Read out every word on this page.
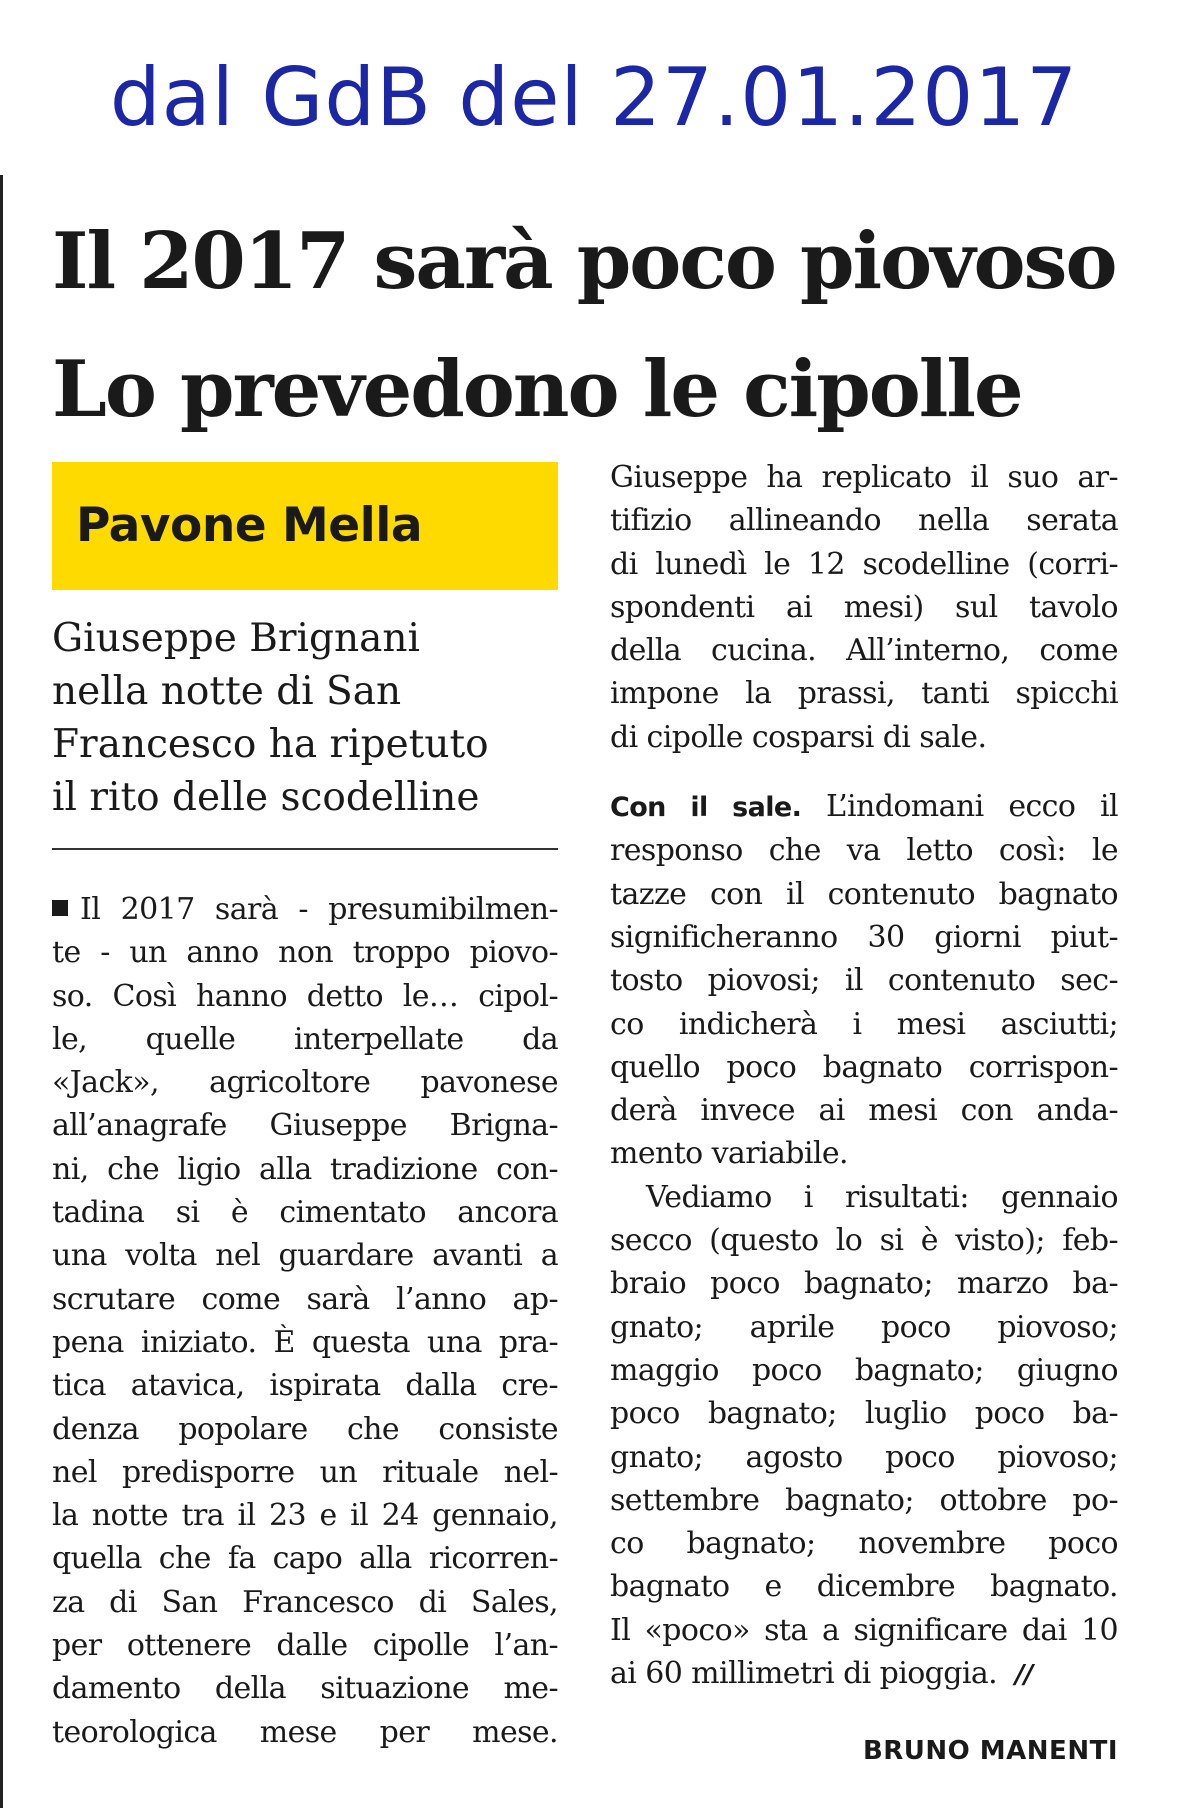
dal GdB del 27.01.2017
Il 2017 sarà poco piovoso
Lo prevedono le cipolle
Pavone Mella
Giuseppe Brignani
nella notte di San
Francesco ha ripetuto
il rito delle scodelline
Il 2017 sarà - presumibilmen-
te - un anno non troppo piovo-
so. Così hanno detto le… cipol-
le, quelle interpellate da
«Jack», agricoltore pavonese
all’anagrafe Giuseppe Brigna-
ni, che ligio alla tradizione con-
tadina si è cimentato ancora
una volta nel guardare avanti a
scrutare come sarà l’anno ap-
pena iniziato. È questa una pra-
tica atavica, ispirata dalla cre-
denza popolare che consiste
nel predisporre un rituale nel-
la notte tra il 23 e il 24 gennaio,
quella che fa capo alla ricorren-
za di San Francesco di Sales,
per ottenere dalle cipolle l’an-
damento della situazione me-
teorologica mese per mese.
Giuseppe ha replicato il suo ar-
tifizio allineando nella serata
di lunedì le 12 scodelline (corri-
spondenti ai mesi) sul tavolo
della cucina. All’interno, come
impone la prassi, tanti spicchi
di cipolle cosparsi di sale.
Con il sale. L’indomani ecco il
responso che va letto così: le
tazze con il contenuto bagnato
significheranno 30 giorni piut-
tosto piovosi; il contenuto sec-
co indicherà i mesi asciutti;
quello poco bagnato corrispon-
derà invece ai mesi con anda-
mento variabile.
Vediamo i risultati: gennaio
secco (questo lo si è visto); feb-
braio poco bagnato; marzo ba-
gnato; aprile poco piovoso;
maggio poco bagnato; giugno
poco bagnato; luglio poco ba-
gnato; agosto poco piovoso;
settembre bagnato; ottobre po-
co bagnato; novembre poco
bagnato e dicembre bagnato.
Il «poco» sta a significare dai 10
ai 60 millimetri di pioggia. //
BRUNO MANENTI
